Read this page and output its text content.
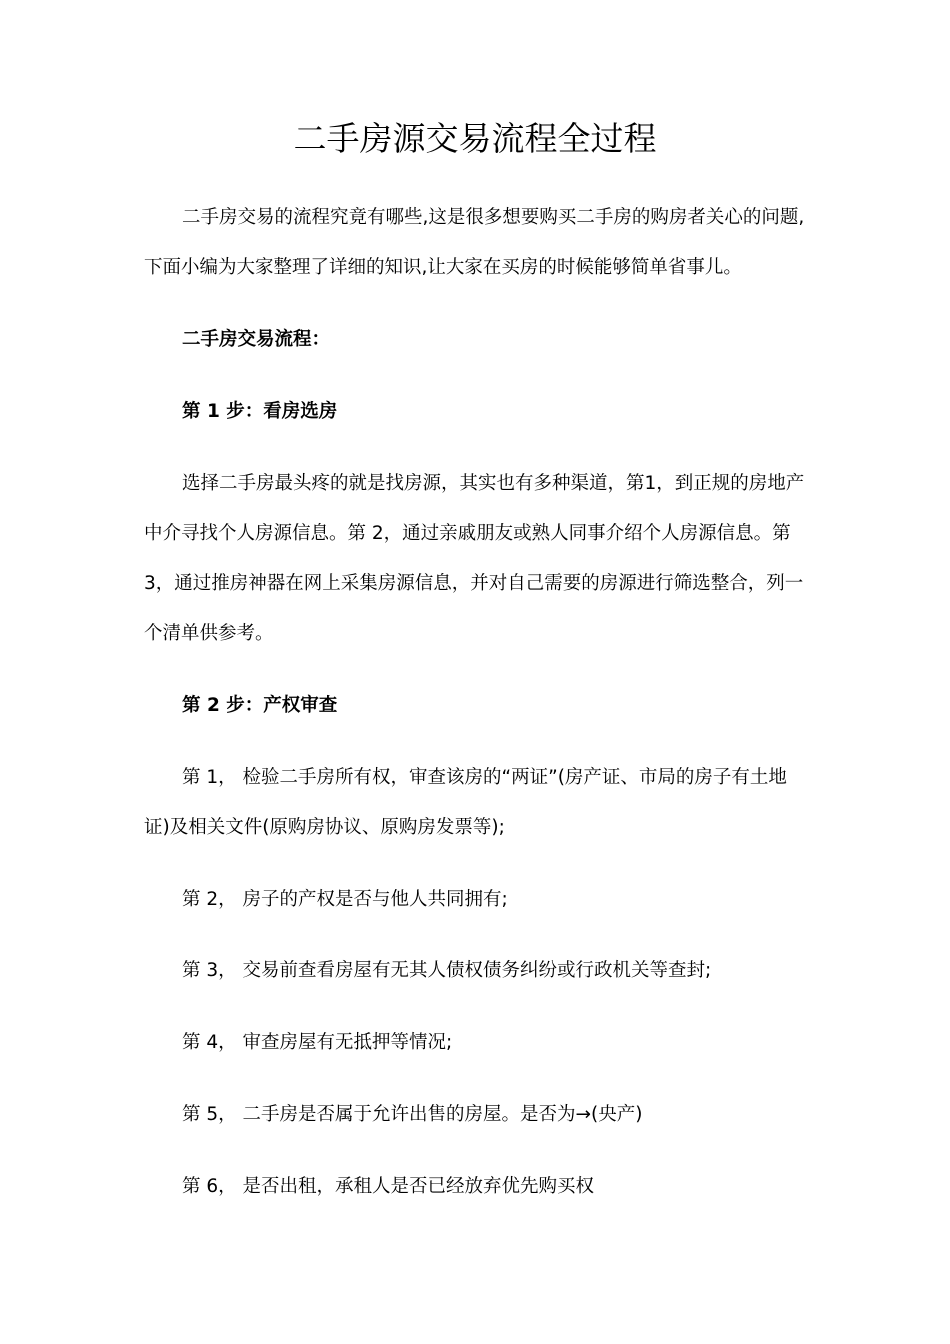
二手房源交易流程全过程

二手房交易的流程究竟有哪些,这是很多想要购买二手房的购房者关心的问题,下面小编为大家整理了详细的知识,让大家在买房的时候能够简单省事儿。

二手房交易流程：

第 1 步：看房选房

选择二手房最头疼的就是找房源，其实也有多种渠道，第1，到正规的房地产中介寻找个人房源信息。第 2，通过亲戚朋友或熟人同事介绍个人房源信息。第 3，通过推房神器在网上采集房源信息，并对自己需要的房源进行筛选整合，列一个清单供参考。

第 2 步：产权审查

第 1， 检验二手房所有权，审查该房的“两证”(房产证、市局的房子有土地证)及相关文件(原购房协议、原购房发票等);

第 2， 房子的产权是否与他人共同拥有;

第 3， 交易前查看房屋有无其人债权债务纠纷或行政机关等查封;

第 4， 审查房屋有无抵押等情况;

第 5， 二手房是否属于允许出售的房屋。是否为→(央产)

第 6， 是否出租，承租人是否已经放弃优先购买权
